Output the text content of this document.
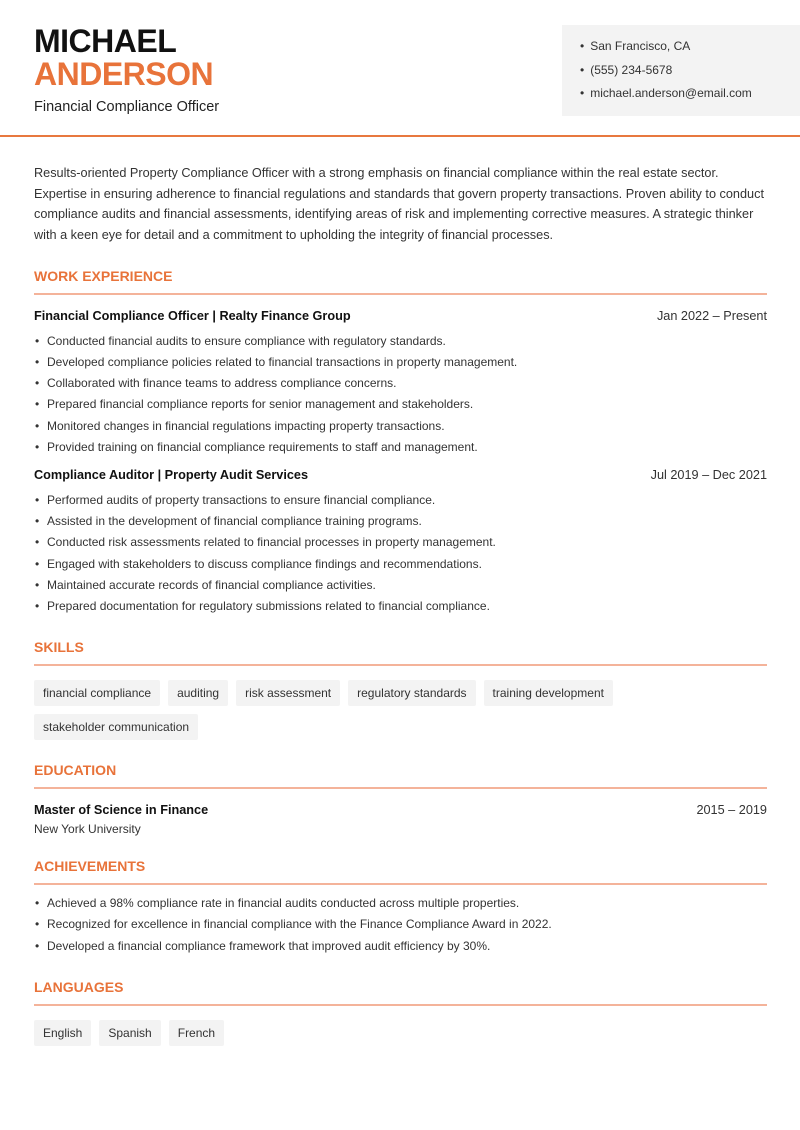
MICHAEL
ANDERSON
Financial Compliance Officer
• San Francisco, CA
• (555) 234-5678
• michael.anderson@email.com

Results-oriented Property Compliance Officer with a strong emphasis on financial compliance within the real estate sector. Expertise in ensuring adherence to financial regulations and standards that govern property transactions. Proven ability to conduct compliance audits and financial assessments, identifying areas of risk and implementing corrective measures. A strategic thinker with a keen eye for detail and a commitment to upholding the integrity of financial processes.

WORK EXPERIENCE
Financial Compliance Officer | Realty Finance Group	Jan 2022 – Present
• Conducted financial audits to ensure compliance with regulatory standards.
• Developed compliance policies related to financial transactions in property management.
• Collaborated with finance teams to address compliance concerns.
• Prepared financial compliance reports for senior management and stakeholders.
• Monitored changes in financial regulations impacting property transactions.
• Provided training on financial compliance requirements to staff and management.
Compliance Auditor | Property Audit Services	Jul 2019 – Dec 2021
• Performed audits of property transactions to ensure financial compliance.
• Assisted in the development of financial compliance training programs.
• Conducted risk assessments related to financial processes in property management.
• Engaged with stakeholders to discuss compliance findings and recommendations.
• Maintained accurate records of financial compliance activities.
• Prepared documentation for regulatory submissions related to financial compliance.
SKILLS
financial compliance	auditing	risk assessment	regulatory standards	training development
stakeholder communication
EDUCATION
Master of Science in Finance	2015 – 2019
New York University
ACHIEVEMENTS
• Achieved a 98% compliance rate in financial audits conducted across multiple properties.
• Recognized for excellence in financial compliance with the Finance Compliance Award in 2022.
• Developed a financial compliance framework that improved audit efficiency by 30%.
LANGUAGES
English	Spanish	French
